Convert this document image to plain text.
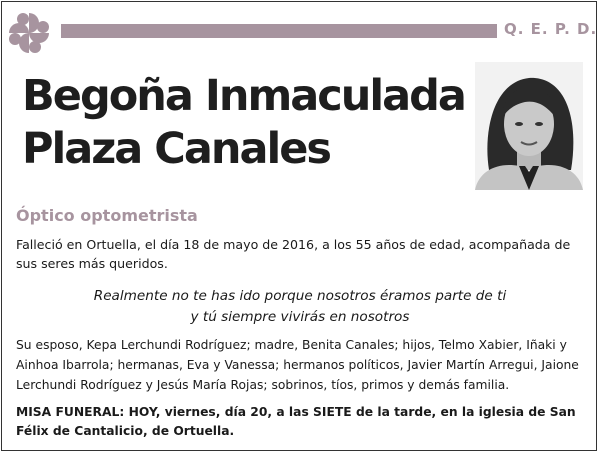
Q. E. P. D.
Begoña Inmaculada
Plaza Canales
Óptico optometrista
Falleció en Ortuella, el día 18 de mayo de 2016, a los 55 años de edad, acompañada de sus seres más queridos.
Realmente no te has ido porque nosotros éramos parte de ti
y tú siempre vivirás en nosotros
Su esposo, Kepa Lerchundi Rodríguez; madre, Benita Canales; hijos, Telmo Xabier, Iñaki y Ainhoa Ibarrola; hermanas, Eva y Vanessa; hermanos políticos, Javier Martín Arregui, Jaione Lerchundi Rodríguez y Jesús María Rojas; sobrinos, tíos, primos y demás familia.
MISA FUNERAL: HOY, viernes, día 20, a las SIETE de la tarde, en la iglesia de San Félix de Cantalicio, de Ortuella.
